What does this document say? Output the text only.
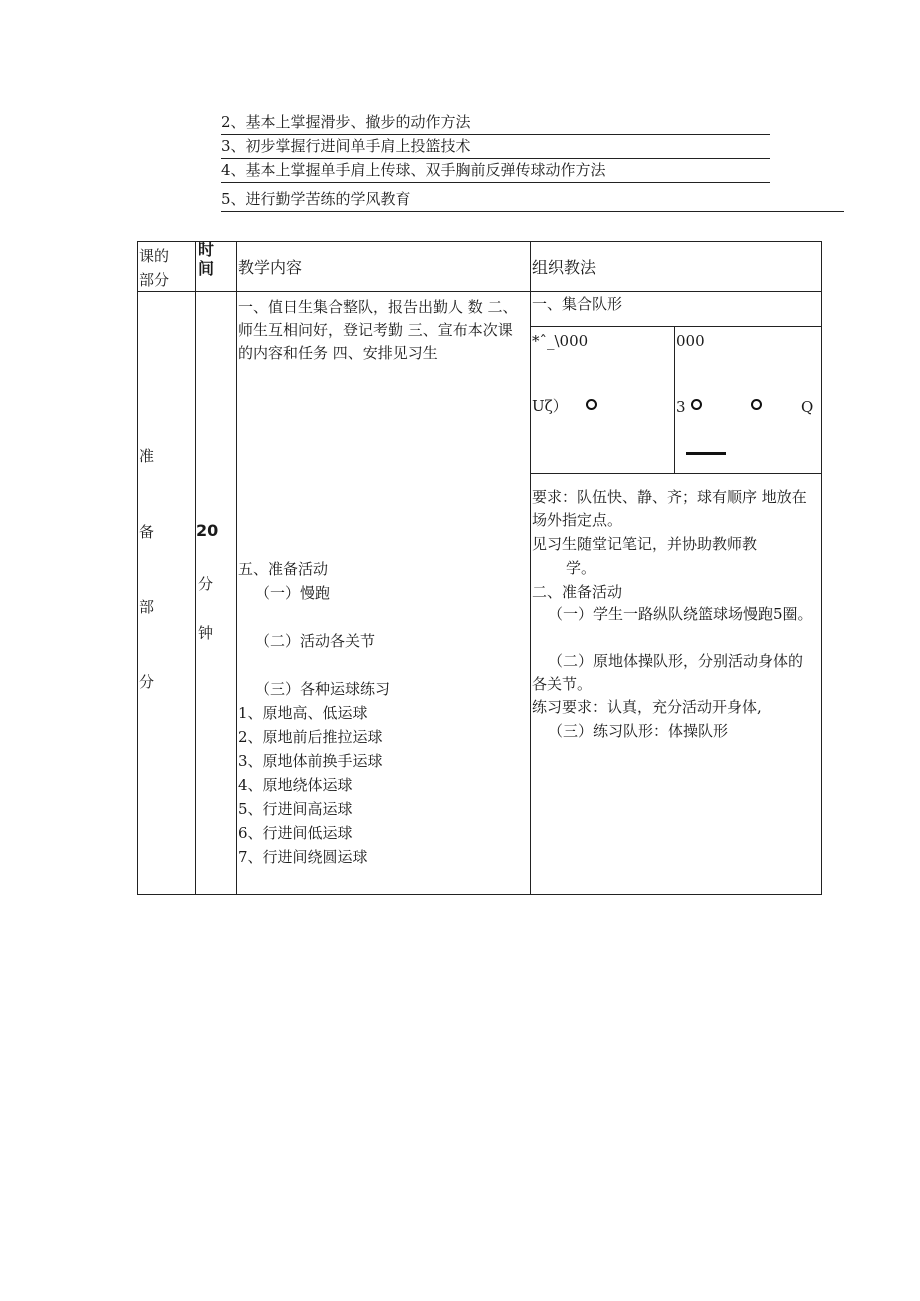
2、基本上掌握滑步、撤步的动作方法
3、初步掌握行进间单手肩上投篮技术
4、基本上掌握单手肩上传球、双手胸前反弹传球动作方法
5、进行勤学苦练的学风教育
课的
部分
时
间 教学内容	组织教法
准
备
部
分
20
分
钟
一、值日生集合整队，报告出勤人 数 二、师生互相问好，登记考勤 三、宣布本次课的内容和任务 四、安排见习生
五、准备活动
（一）慢跑
（二）活动各关节
（三）各种运球练习
1、原地高、低运球
2、原地前后推拉运球
3、原地体前换手运球
4、原地绕体运球
5、行进间高运球
6、行进间低运球
7、行进间绕圆运球
一、集合队形
*ˆ_\000
Uζ）
000
3	Q
要求：队伍快、静、齐；球有顺序 地放在场外指定点。
见习生随堂记笔记，并协助教师教
学。
二、准备活动
（一）学生一路纵队绕篮球场慢跑5圈。
（二）原地体操队形，分别活动身体的各关节。
练习要求：认真，充分活动开身体,
（三）练习队形：体操队形
